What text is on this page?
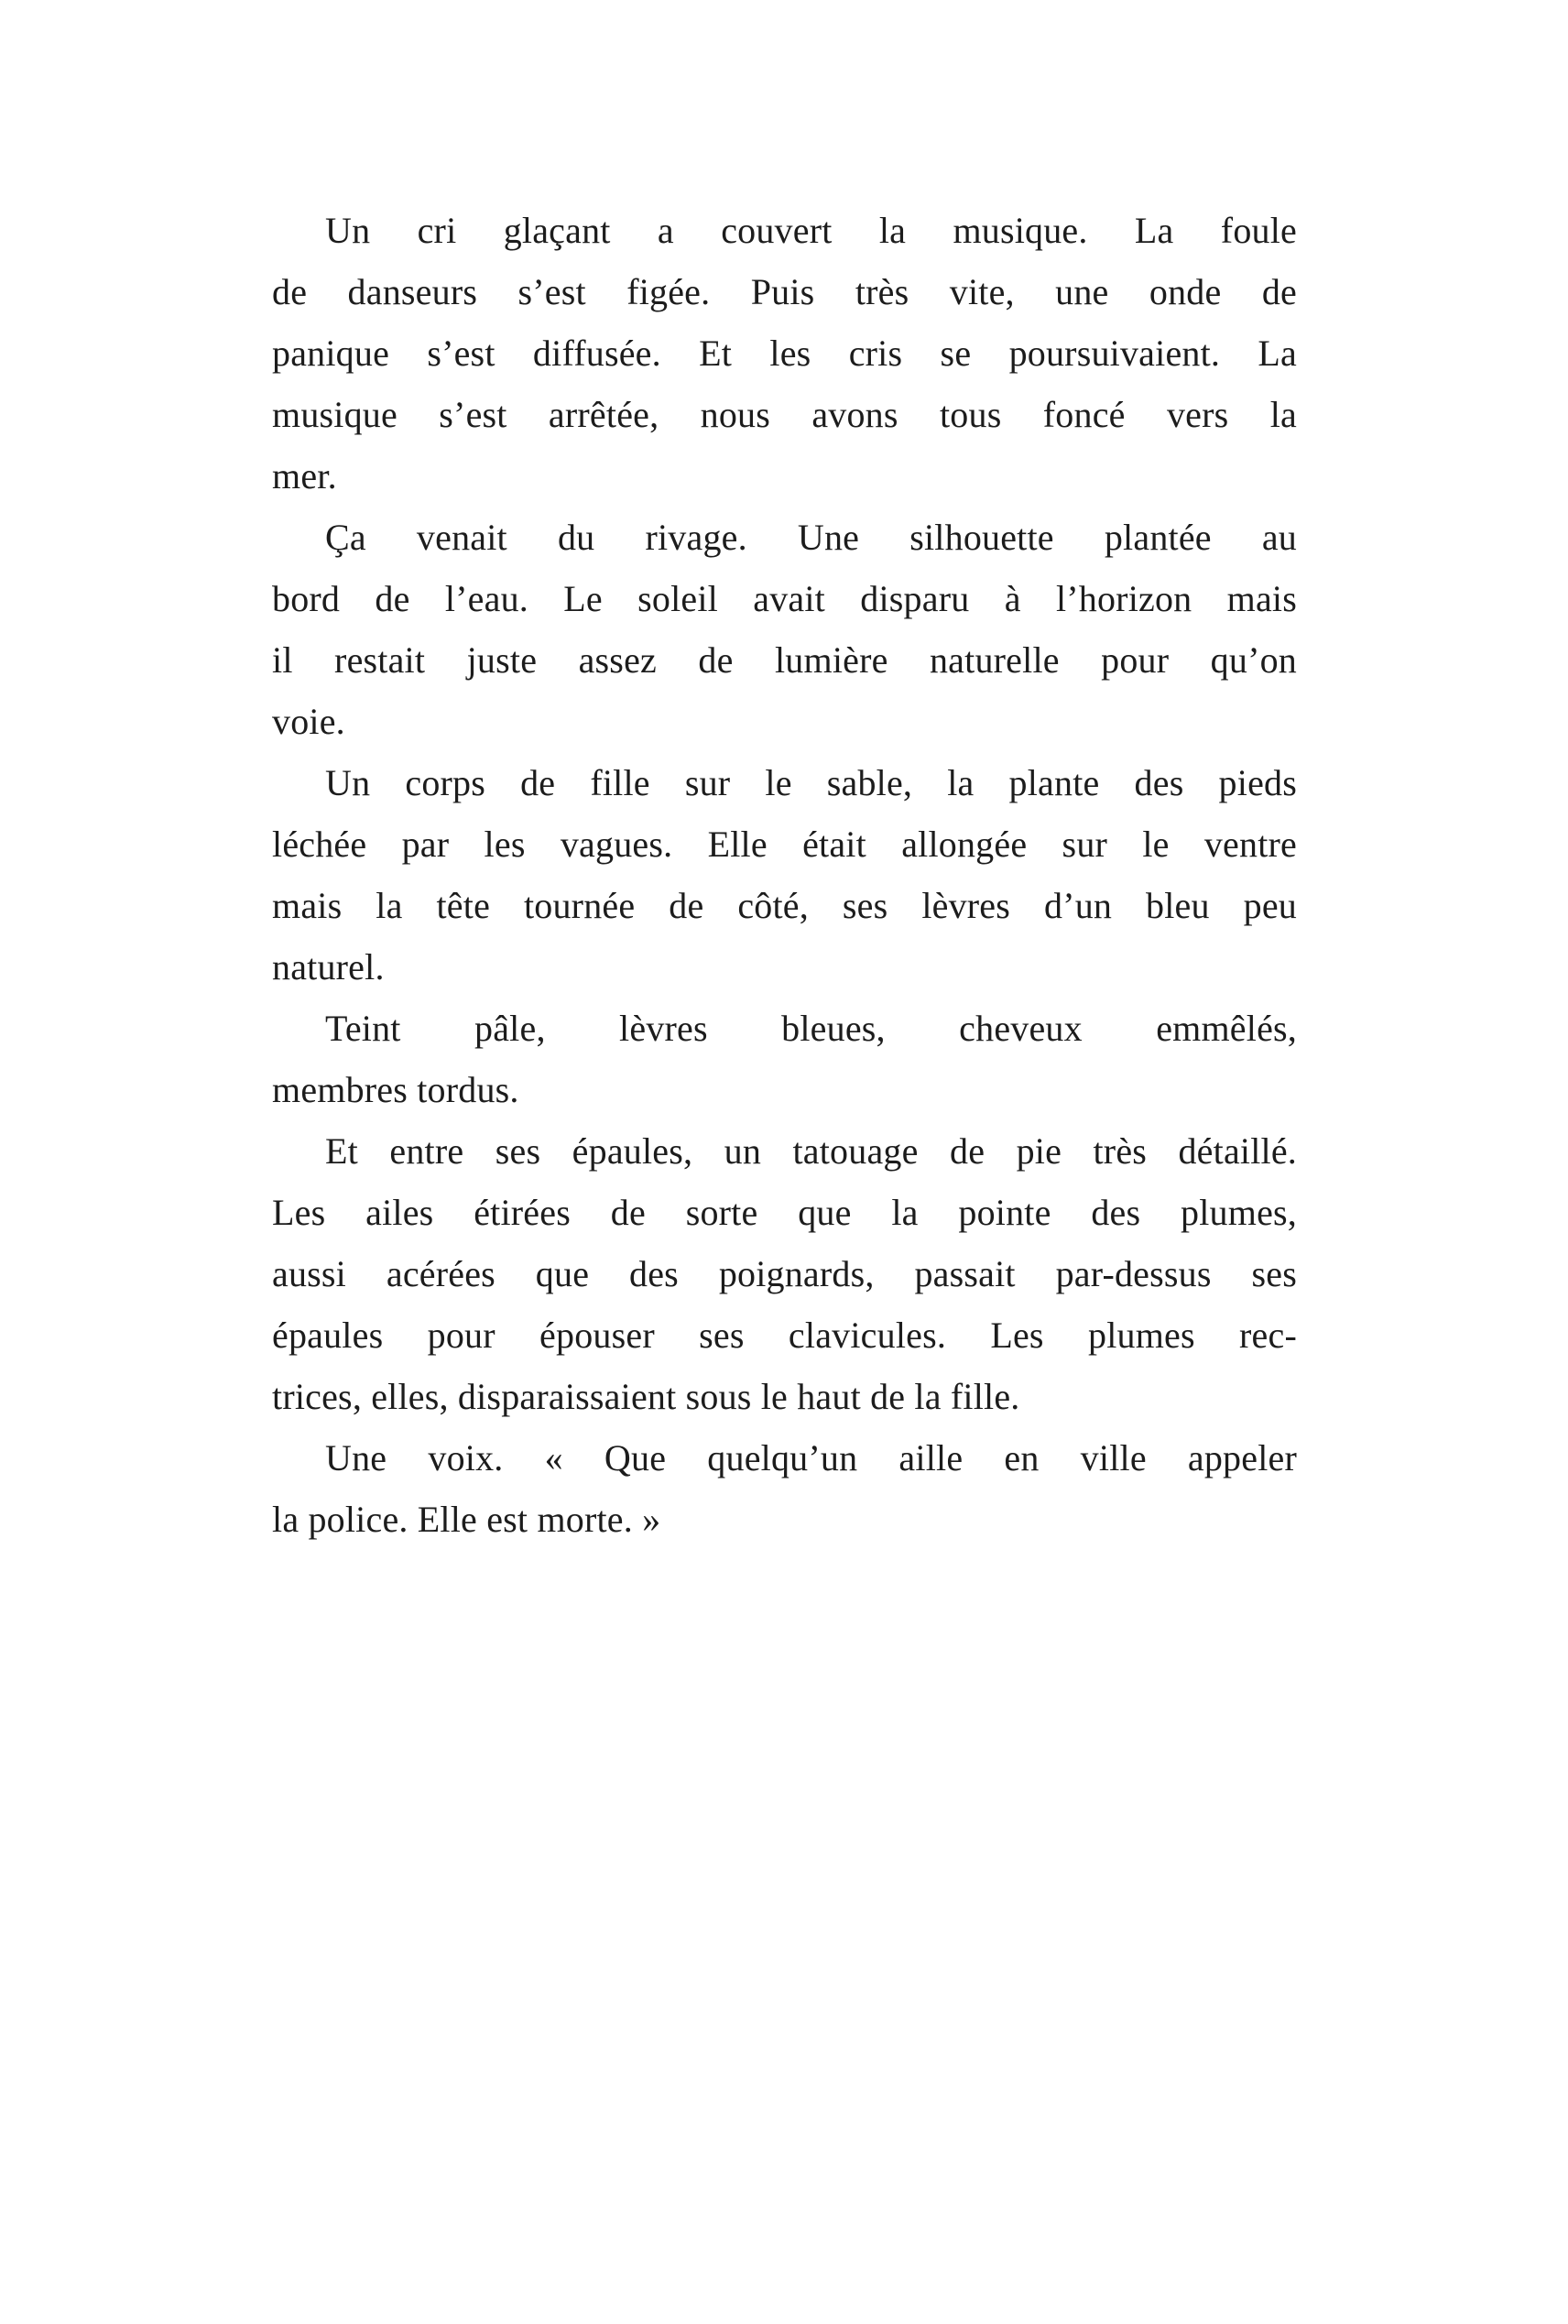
Un cri glaçant a couvert la musique. La foule
de danseurs s’est figée. Puis très vite, une onde de
panique s’est diffusée. Et les cris se poursuivaient. La
musique s’est arrêtée, nous avons tous foncé vers la
mer.
Ça venait du rivage. Une silhouette plantée au
bord de l’eau. Le soleil avait disparu à l’horizon mais
il restait juste assez de lumière naturelle pour qu’on
voie.
Un corps de fille sur le sable, la plante des pieds
léchée par les vagues. Elle était allongée sur le ventre
mais la tête tournée de côté, ses lèvres d’un bleu peu
naturel.
Teint pâle, lèvres bleues, cheveux emmêlés,
membres tordus.
Et entre ses épaules, un tatouage de pie très détaillé.
Les ailes étirées de sorte que la pointe des plumes,
aussi acérées que des poignards, passait par-dessus ses
épaules pour épouser ses clavicules. Les plumes rec-
trices, elles, disparaissaient sous le haut de la fille.
Une voix. « Que quelqu’un aille en ville appeler
la police. Elle est morte. »
